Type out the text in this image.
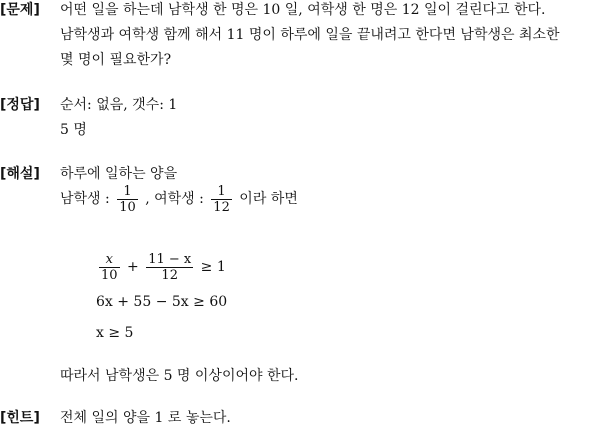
[문제] 어떤 일을 하는데 남학생 한 명은 10 일, 여학생 한 명은 12 일이 걸린다고 한다.
남학생과 여학생 함께 해서 11 명이 하루에 일을 끝내려고 한다면 남학생은 최소한
몇 명이 필요한가?
[정답] 순서: 없음, 갯수: 1
5 명
[해설] 하루에 일하는 양을
남학생 : $\frac{1}{10}$ , 여학생 : $\frac{1}{12}$ 이라 하면
$\frac{x}{10} + \frac{11 - x}{12} \ge 1$
6x + 55 − 5x ≥ 60
x ≥ 5
따라서 남학생은 5 명 이상이어야 한다.
[힌트] 전체 일의 양을 1 로 놓는다.
